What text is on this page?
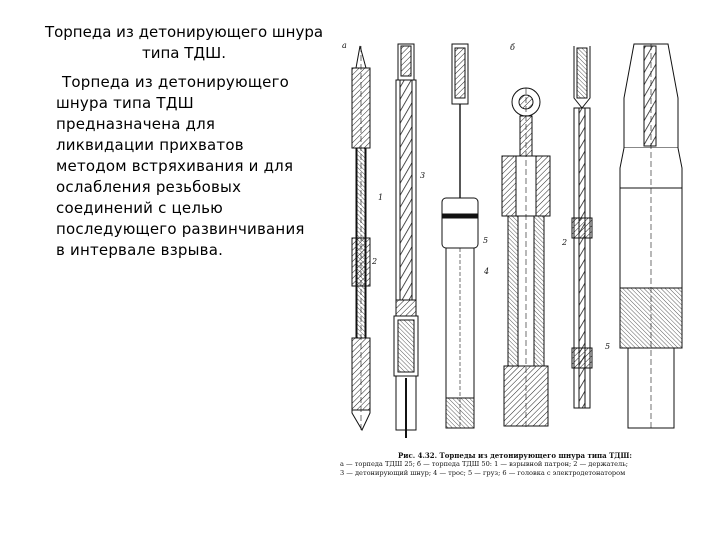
Торпеда из детонирующего шнура
типа ТДШ.
Торпеда из детонирующего
шнура типа ТДШ
предназначена для
ликвидации прихватов
методом встряхивания и для
ослабления резьбовых
соединений с целью
последующего развинчивания
в интервале взрыва.
а	б
3
1
2
5	2
5
4
Рис. 4.32. Торпеды из детонирующего шнура типа ТДШ:
а — торпеда ТДШ 25; б — торпеда ТДШ 50: 1 — взрывной патрон; 2 — держатель;
3 — детонирующий шнур; 4 — трос; 5 — груз; 6 — головка с электродетонатором
